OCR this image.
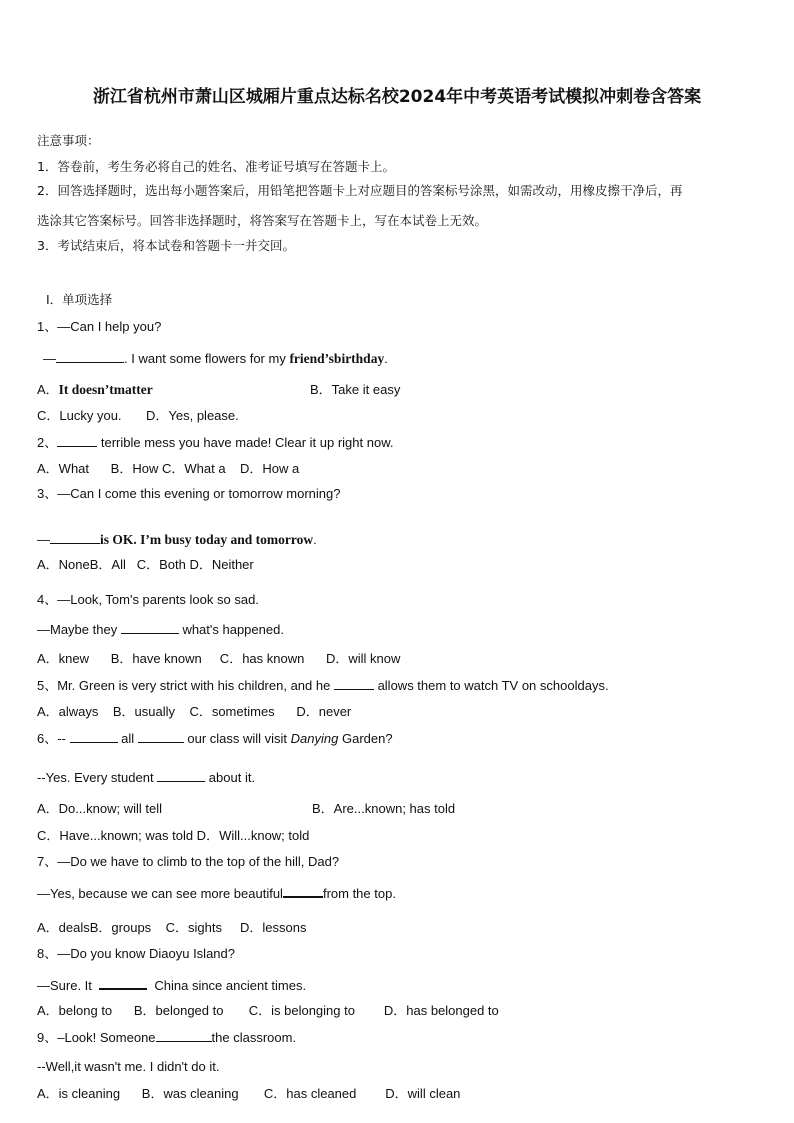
浙江省杭州市萧山区城厢片重点达标名校2024年中考英语考试模拟冲刺卷含答案
注意事项：
1．答卷前，考生务必将自己的姓名、准考证号填写在答题卡上。
2．回答选择题时，选出每小题答案后，用铅笔把答题卡上对应题目的答案标号涂黑，如需改动，用橡皮擦干净后，再
选涂其它答案标号。回答非选择题时，将答案写在答题卡上，写在本试卷上无效。
3．考试结束后，将本试卷和答题卡一并交回。
Ⅰ．单项选择
1、—Can I help you?
—	. I want some flowers for my friend’sbirthday.
A．It doesn’tmatter	B．Take it easy
C．Lucky you. D．Yes, please.
2、	terrible mess you have made! Clear it up right now.
A．What      B．How C．What a    D．How a
3、—Can I come this evening or tomorrow morning?
—	is OK. I’m busy today and tomorrow.
A．NoneB．All   C．Both D．Neither
4、—Look, Tom's parents look so sad.
—Maybe they	what's happened.
A．knew      B．have known     C．has known      D．will know
5、Mr. Green is very strict with his children, and he	allows them to watch TV on schooldays.
A．always    B．usually    C．sometimes      D．never
6、--	all	our class will visit Danying Garden?
--Yes. Every student	about it.
A．Do...know; will tell	B．Are...known; has told
C．Have...known; was told D．Will...know; told
7、—Do we have to climb to the top of the hill, Dad?
—Yes, because we can see more beautiful	from the top.
A．dealsB．groups    C．sights     D．lessons
8、—Do you know Diaoyu Island?
—Sure. It	China since ancient times.
A．belong to      B．belonged to       C．is belonging to        D．has belonged to
9、–Look! Someone	the classroom.
--Well,it wasn't me. I didn't do it.
A．is cleaning      B．was cleaning       C．has cleaned        D．will clean
